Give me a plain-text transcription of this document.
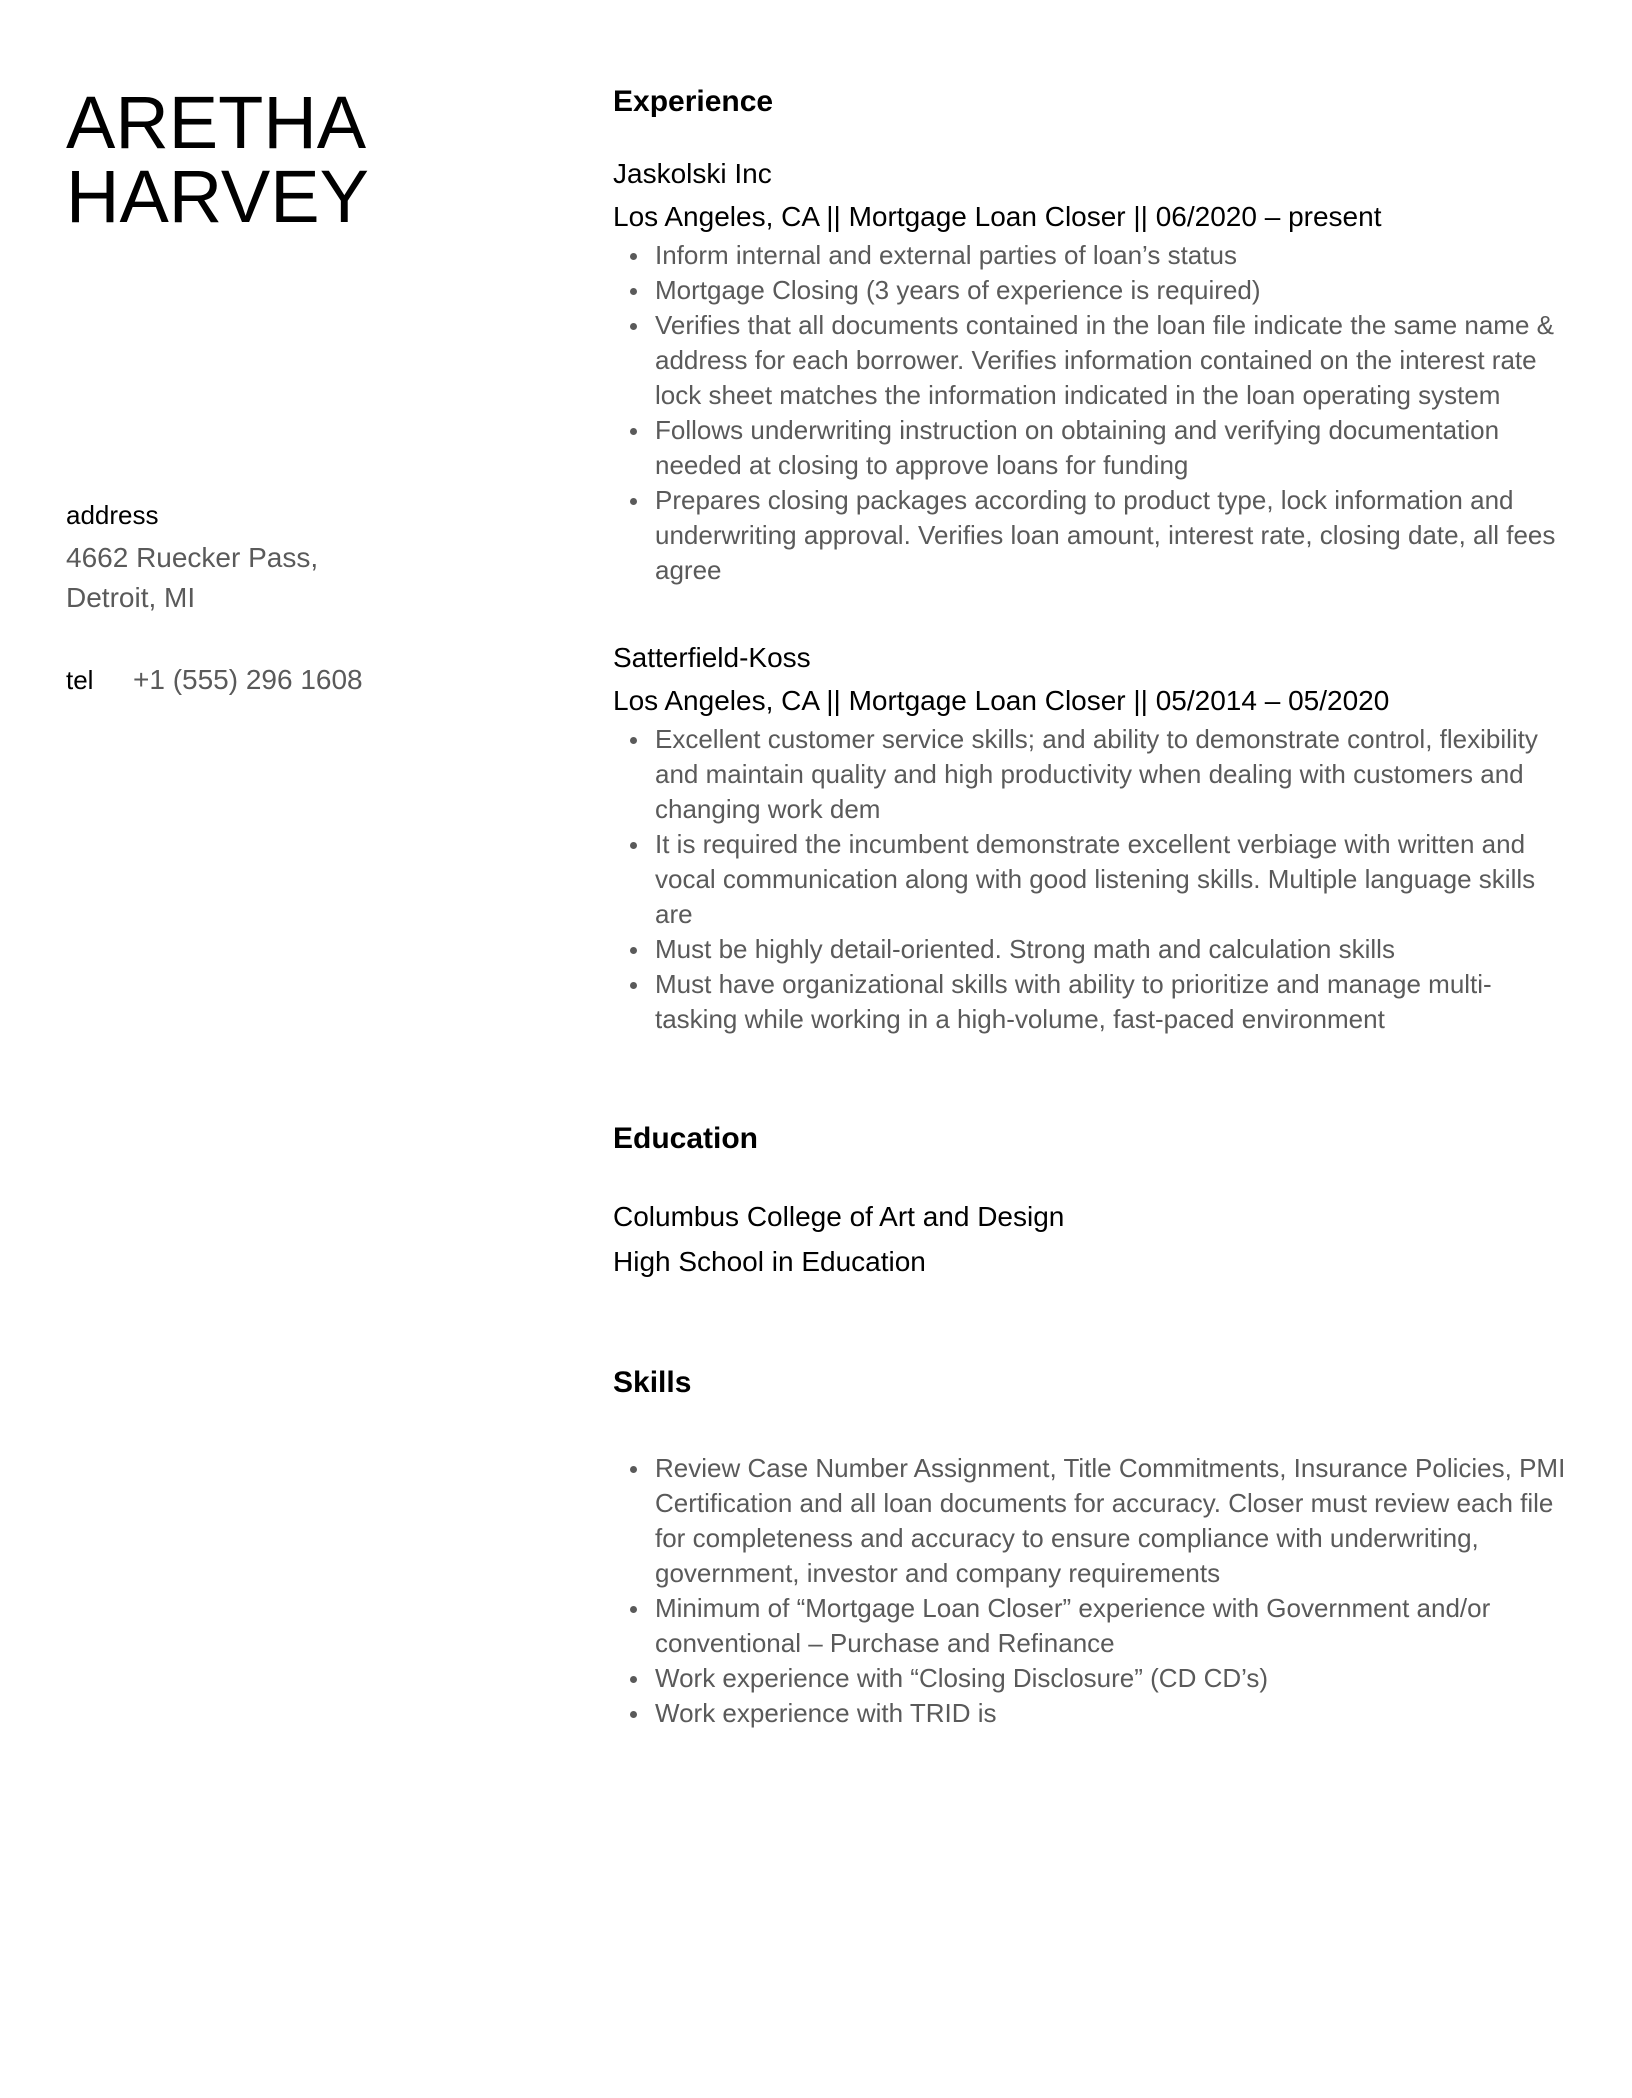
ARETHA
HARVEY
address
4662 Ruecker Pass,
Detroit, MI
tel	+1 (555) 296 1608
Experience
Jaskolski Inc
Los Angeles, CA || Mortgage Loan Closer || 06/2020 – present
Inform internal and external parties of loan’s status
Mortgage Closing (3 years of experience is required)
Verifies that all documents contained in the loan file indicate the same name & address for each borrower. Verifies information contained on the interest rate lock sheet matches the information indicated in the loan operating system
Follows underwriting instruction on obtaining and verifying documentation needed at closing to approve loans for funding
Prepares closing packages according to product type, lock information and underwriting approval. Verifies loan amount, interest rate, closing date, all fees agree
Satterfield-Koss
Los Angeles, CA || Mortgage Loan Closer || 05/2014 – 05/2020
Excellent customer service skills; and ability to demonstrate control, flexibility and maintain quality and high productivity when dealing with customers and changing work dem
It is required the incumbent demonstrate excellent verbiage with written and vocal communication along with good listening skills. Multiple language skills are
Must be highly detail-oriented. Strong math and calculation skills
Must have organizational skills with ability to prioritize and manage multi-tasking while working in a high-volume, fast-paced environment
Education
Columbus College of Art and Design
High School in Education
Skills
Review Case Number Assignment, Title Commitments, Insurance Policies, PMI Certification and all loan documents for accuracy. Closer must review each file for completeness and accuracy to ensure compliance with underwriting, government, investor and company requirements
Minimum of “Mortgage Loan Closer” experience with Government and/or conventional – Purchase and Refinance
Work experience with “Closing Disclosure” (CD CD’s)
Work experience with TRID is
